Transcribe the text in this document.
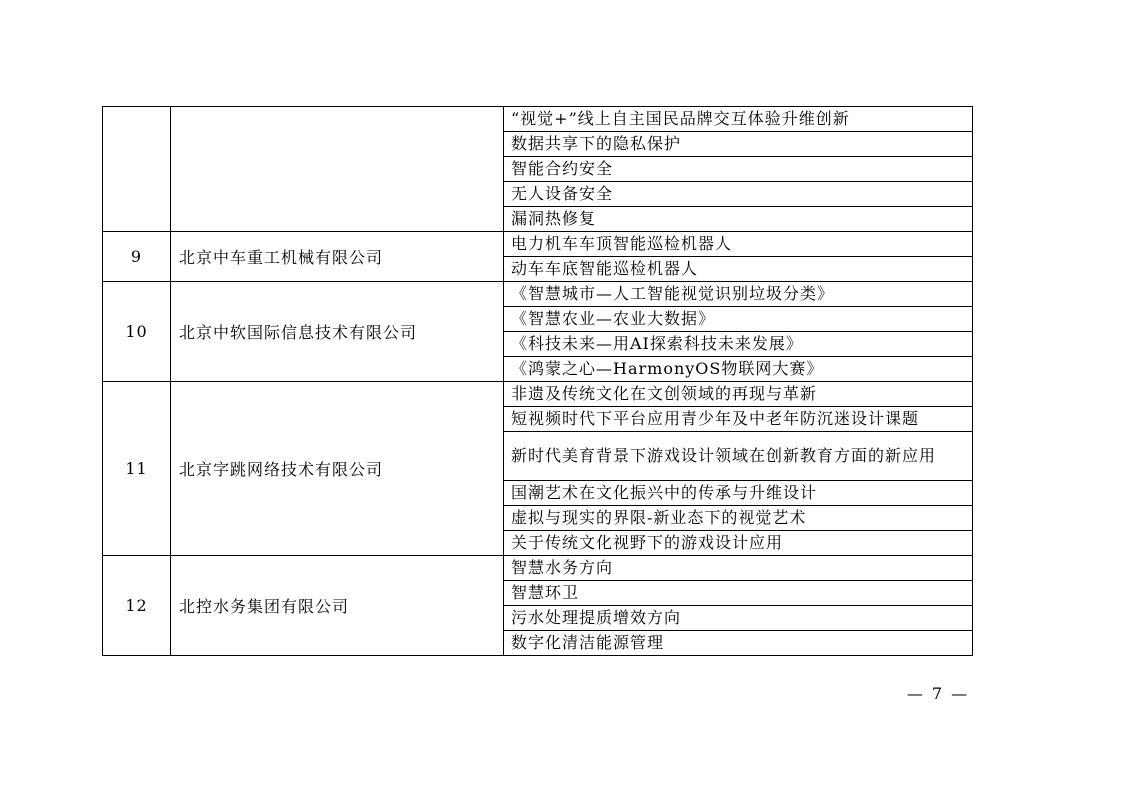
		“视觉+”线上自主国民品牌交互体验升维创新
		数据共享下的隐私保护
		智能合约安全
		无人设备安全
		漏洞热修复
9	北京中车重工机械有限公司	电力机车车顶智能巡检机器人
		动车车底智能巡检机器人
10	北京中软国际信息技术有限公司	《智慧城市—人工智能视觉识别垃圾分类》
		《智慧农业—农业大数据》
		《科技未来—用AI探索科技未来发展》
		《鸿蒙之心—HarmonyOS物联网大赛》
11	北京字跳网络技术有限公司	非遗及传统文化在文创领域的再现与革新
		短视频时代下平台应用青少年及中老年防沉迷设计课题
		新时代美育背景下游戏设计领域在创新教育方面的新应用
		国潮艺术在文化振兴中的传承与升维设计
		虚拟与现实的界限-新业态下的视觉艺术
		关于传统文化视野下的游戏设计应用
12	北控水务集团有限公司	智慧水务方向
		智慧环卫
		污水处理提质增效方向
		数字化清洁能源管理
— 7 —
